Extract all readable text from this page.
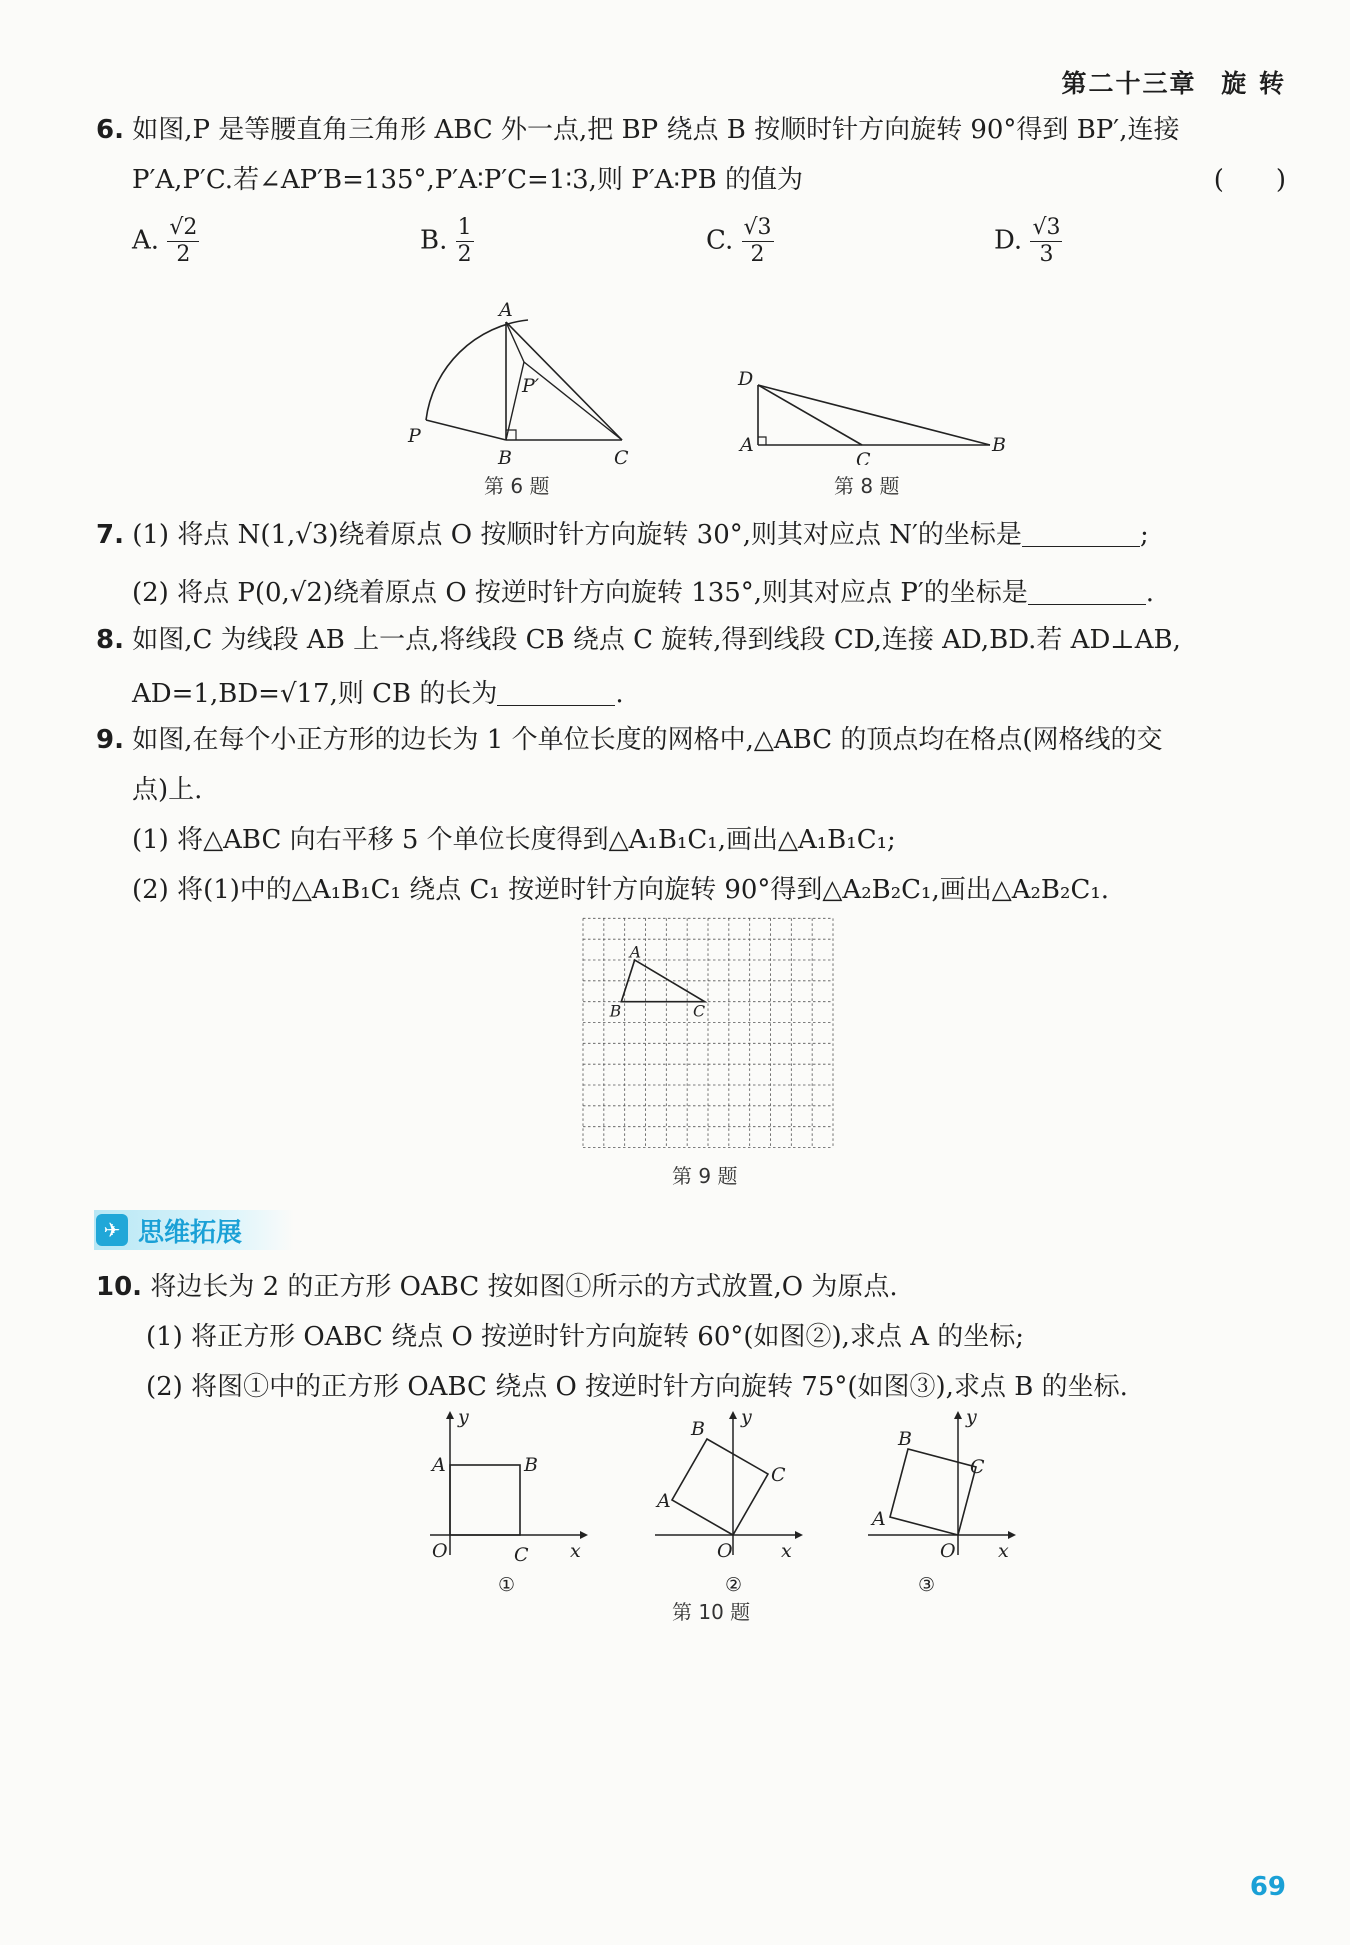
第二十三章 旋 转
6. 如图,P 是等腰直角三角形 ABC 外一点,把 BP 绕点 B 按顺时针方向旋转 90°得到 BP′,连接
P′A,P′C.若∠AP′B=135°,P′A∶P′C=1∶3,则 P′A∶PB 的值为	(　　)
A. $\frac{√2}{2}$	B. $\frac{1}{2}$	C. $\frac{√3}{2}$	D. $\frac{√3}{3}$
A
B	C
P
P′
第 6 题
D
A
C
B
第 8 题
7. (1) 将点 N(1,√3)绕着原点 O 按顺时针方向旋转 30°,则其对应点 N′的坐标是	;
(2) 将点 P(0,√2)绕着原点 O 按逆时针方向旋转 135°,则其对应点 P′的坐标是	.
8. 如图,C 为线段 AB 上一点,将线段 CB 绕点 C 旋转,得到线段 CD,连接 AD,BD.若 AD⊥AB,
AD=1,BD=√17,则 CB 的长为	.
9. 如图,在每个小正方形的边长为 1 个单位长度的网格中,△ABC 的顶点均在格点(网格线的交
点)上.
(1) 将△ABC 向右平移 5 个单位长度得到△A₁B₁C₁,画出△A₁B₁C₁;
(2) 将(1)中的△A₁B₁C₁ 绕点 C₁ 按逆时针方向旋转 90°得到△A₂B₂C₁,画出△A₂B₂C₁.
A
B	C
第 9 题
✈ 思维拓展
10. 将边长为 2 的正方形 OABC 按如图①所示的方式放置,O 为原点.
(1) 将正方形 OABC 绕点 O 按逆时针方向旋转 60°(如图②),求点 A 的坐标;
(2) 将图①中的正方形 OABC 绕点 O 按逆时针方向旋转 75°(如图③),求点 B 的坐标.
y
x
O
A	B
C
①
y
x
O
A
B
C
②
y
x
O
A
B
C
③
第 10 题
69
